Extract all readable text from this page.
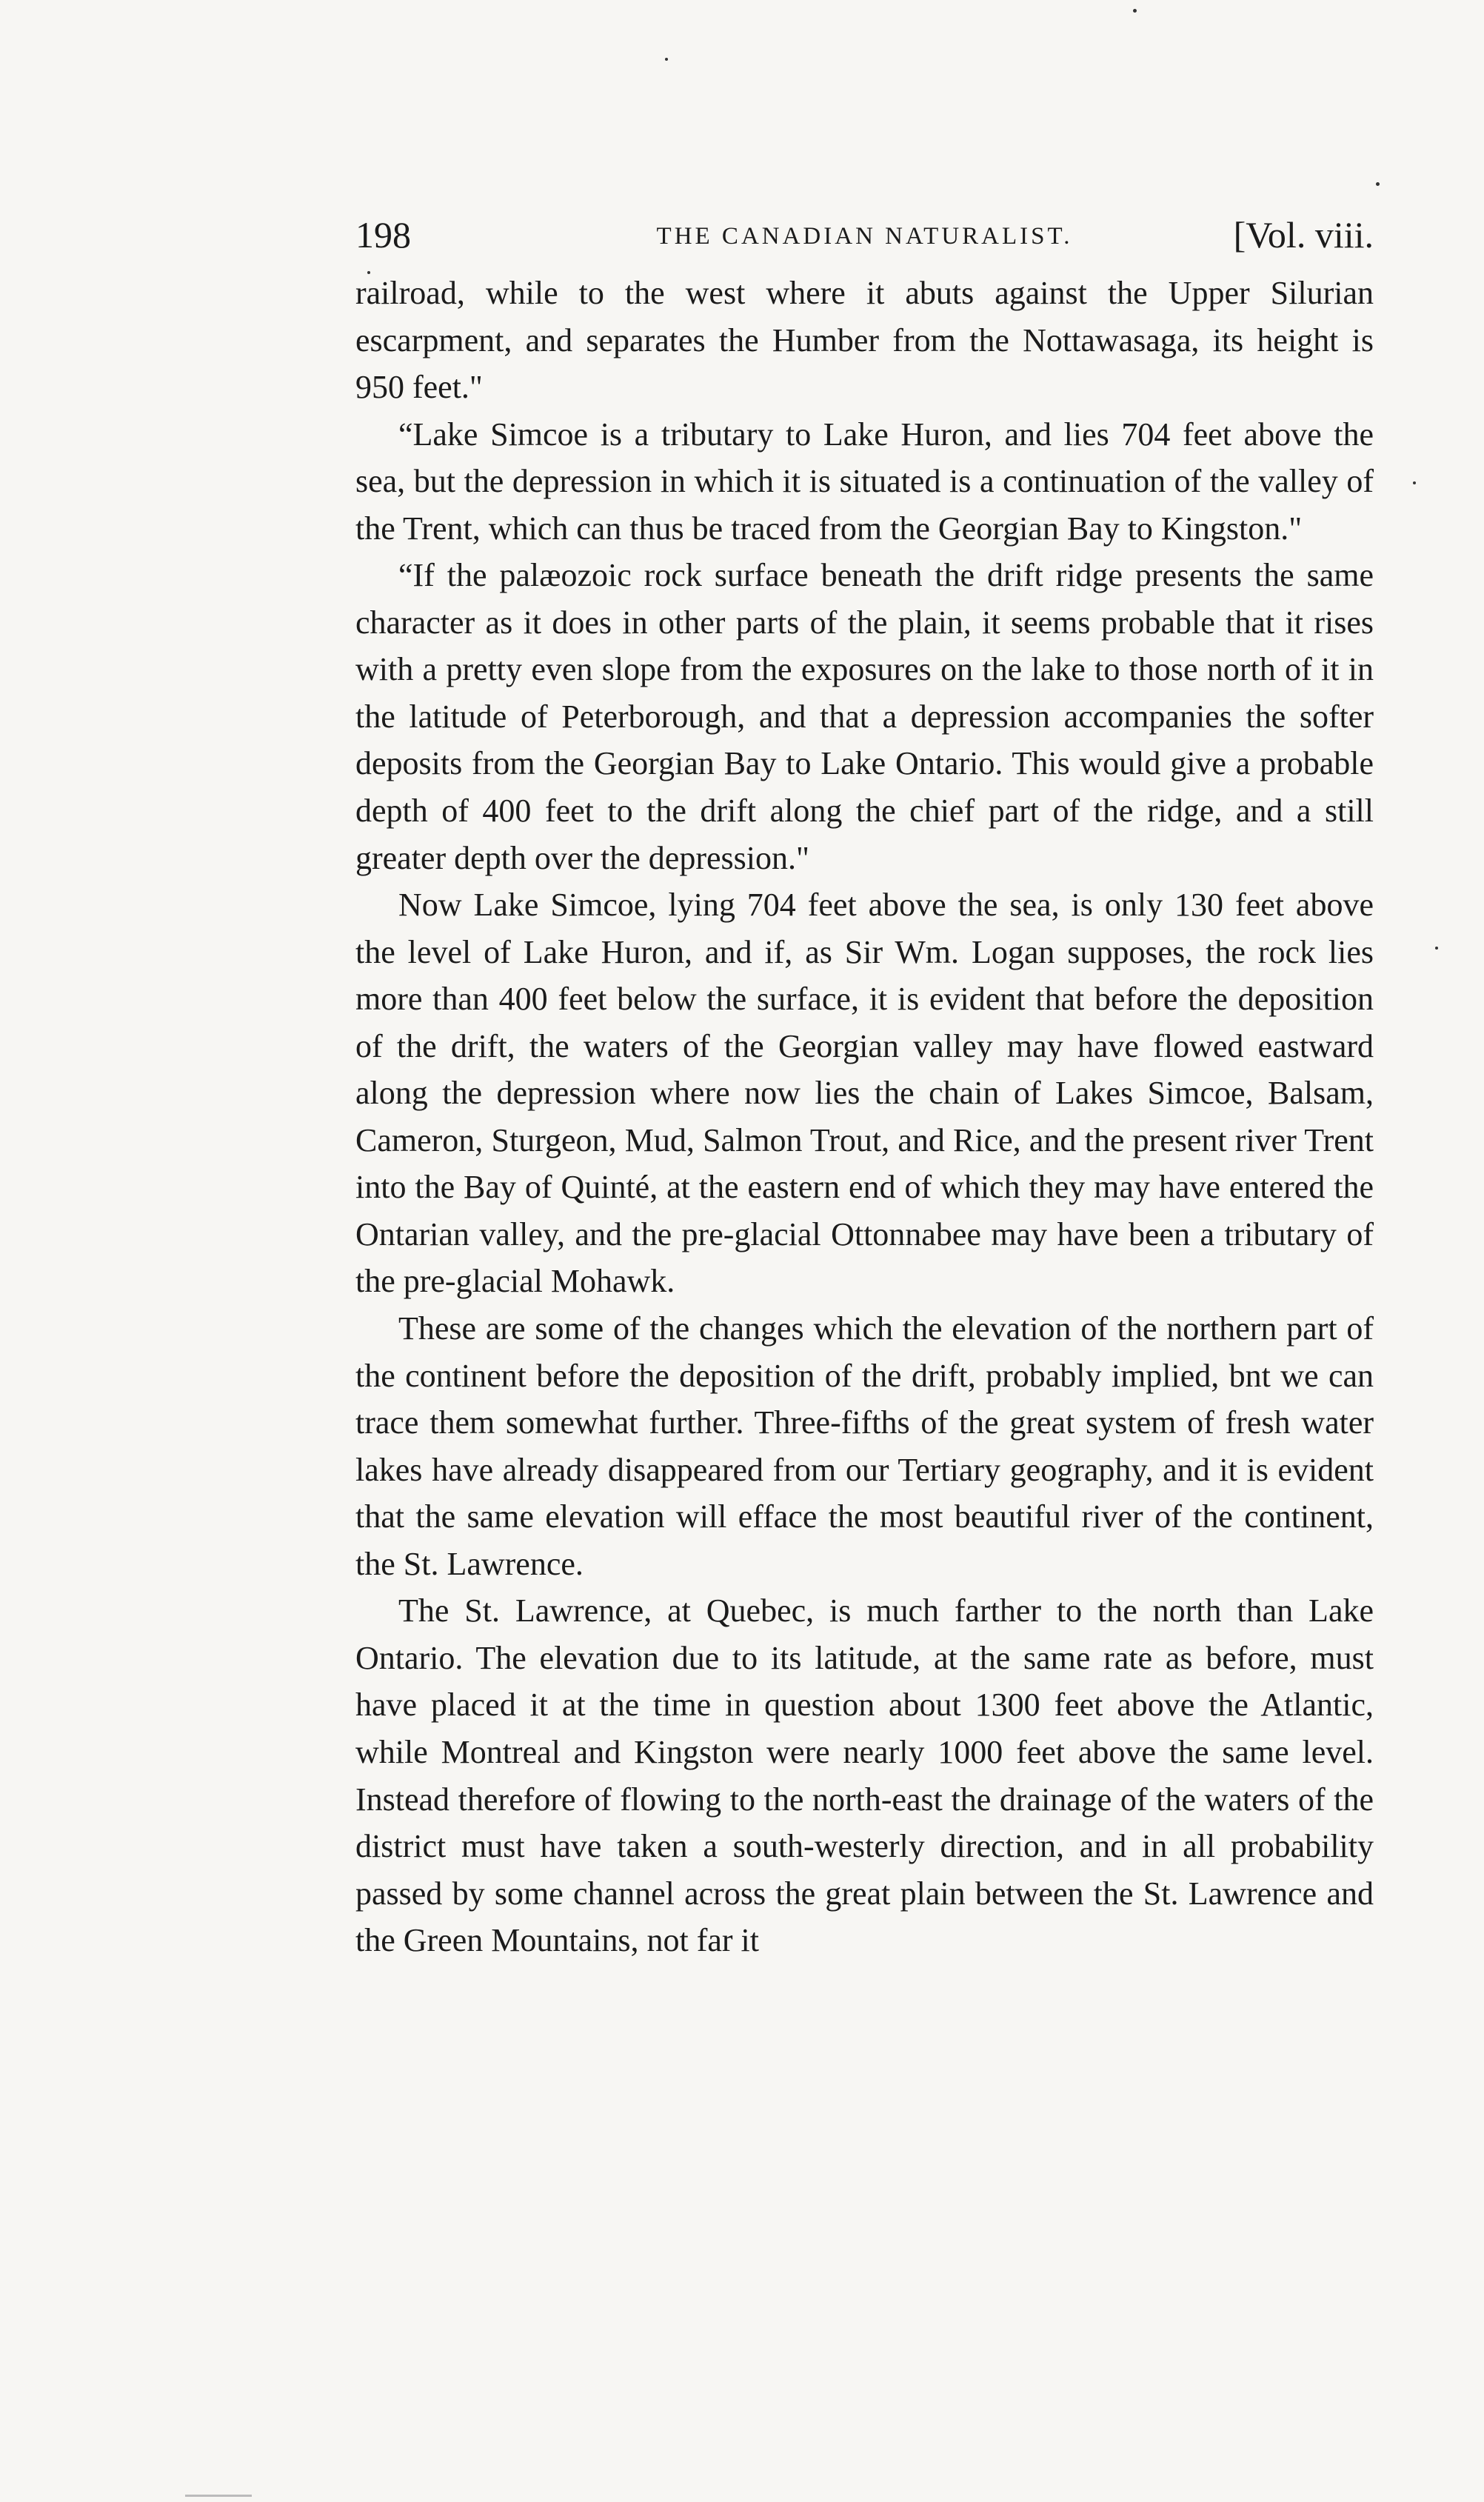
198	THE CANADIAN NATURALIST.	[Vol. viii.

railroad, while to the west where it abuts against the Upper Silurian escarpment, and separates the Humber from the Nottawasaga, its height is 950 feet."

“Lake Simcoe is a tributary to Lake Huron, and lies 704 feet above the sea, but the depression in which it is situated is a continuation of the valley of the Trent, which can thus be traced from the Georgian Bay to Kingston."

“If the palæozoic rock surface beneath the drift ridge presents the same character as it does in other parts of the plain, it seems probable that it rises with a pretty even slope from the exposures on the lake to those north of it in the latitude of Peterborough, and that a depression accompanies the softer deposits from the Georgian Bay to Lake Ontario. This would give a probable depth of 400 feet to the drift along the chief part of the ridge, and a still greater depth over the depression."

Now Lake Simcoe, lying 704 feet above the sea, is only 130 feet above the level of Lake Huron, and if, as Sir Wm. Logan supposes, the rock lies more than 400 feet below the surface, it is evident that before the deposition of the drift, the waters of the Georgian valley may have flowed eastward along the depression where now lies the chain of Lakes Simcoe, Balsam, Cameron, Sturgeon, Mud, Salmon Trout, and Rice, and the present river Trent into the Bay of Quinté, at the eastern end of which they may have entered the Ontarian valley, and the pre-glacial Ottonnabee may have been a tributary of the pre-glacial Mohawk.

These are some of the changes which the elevation of the northern part of the continent before the deposition of the drift, probably implied, bnt we can trace them somewhat further. Three-fifths of the great system of fresh water lakes have already disappeared from our Tertiary geography, and it is evident that the same elevation will efface the most beautiful river of the continent, the St. Lawrence.

The St. Lawrence, at Quebec, is much farther to the north than Lake Ontario. The elevation due to its latitude, at the same rate as before, must have placed it at the time in question about 1300 feet above the Atlantic, while Montreal and Kingston were nearly 1000 feet above the same level. Instead therefore of flowing to the north-east the drainage of the waters of the district must have taken a south-westerly direction, and in all probability passed by some channel across the great plain between the St. Lawrence and the Green Mountains, not far it
